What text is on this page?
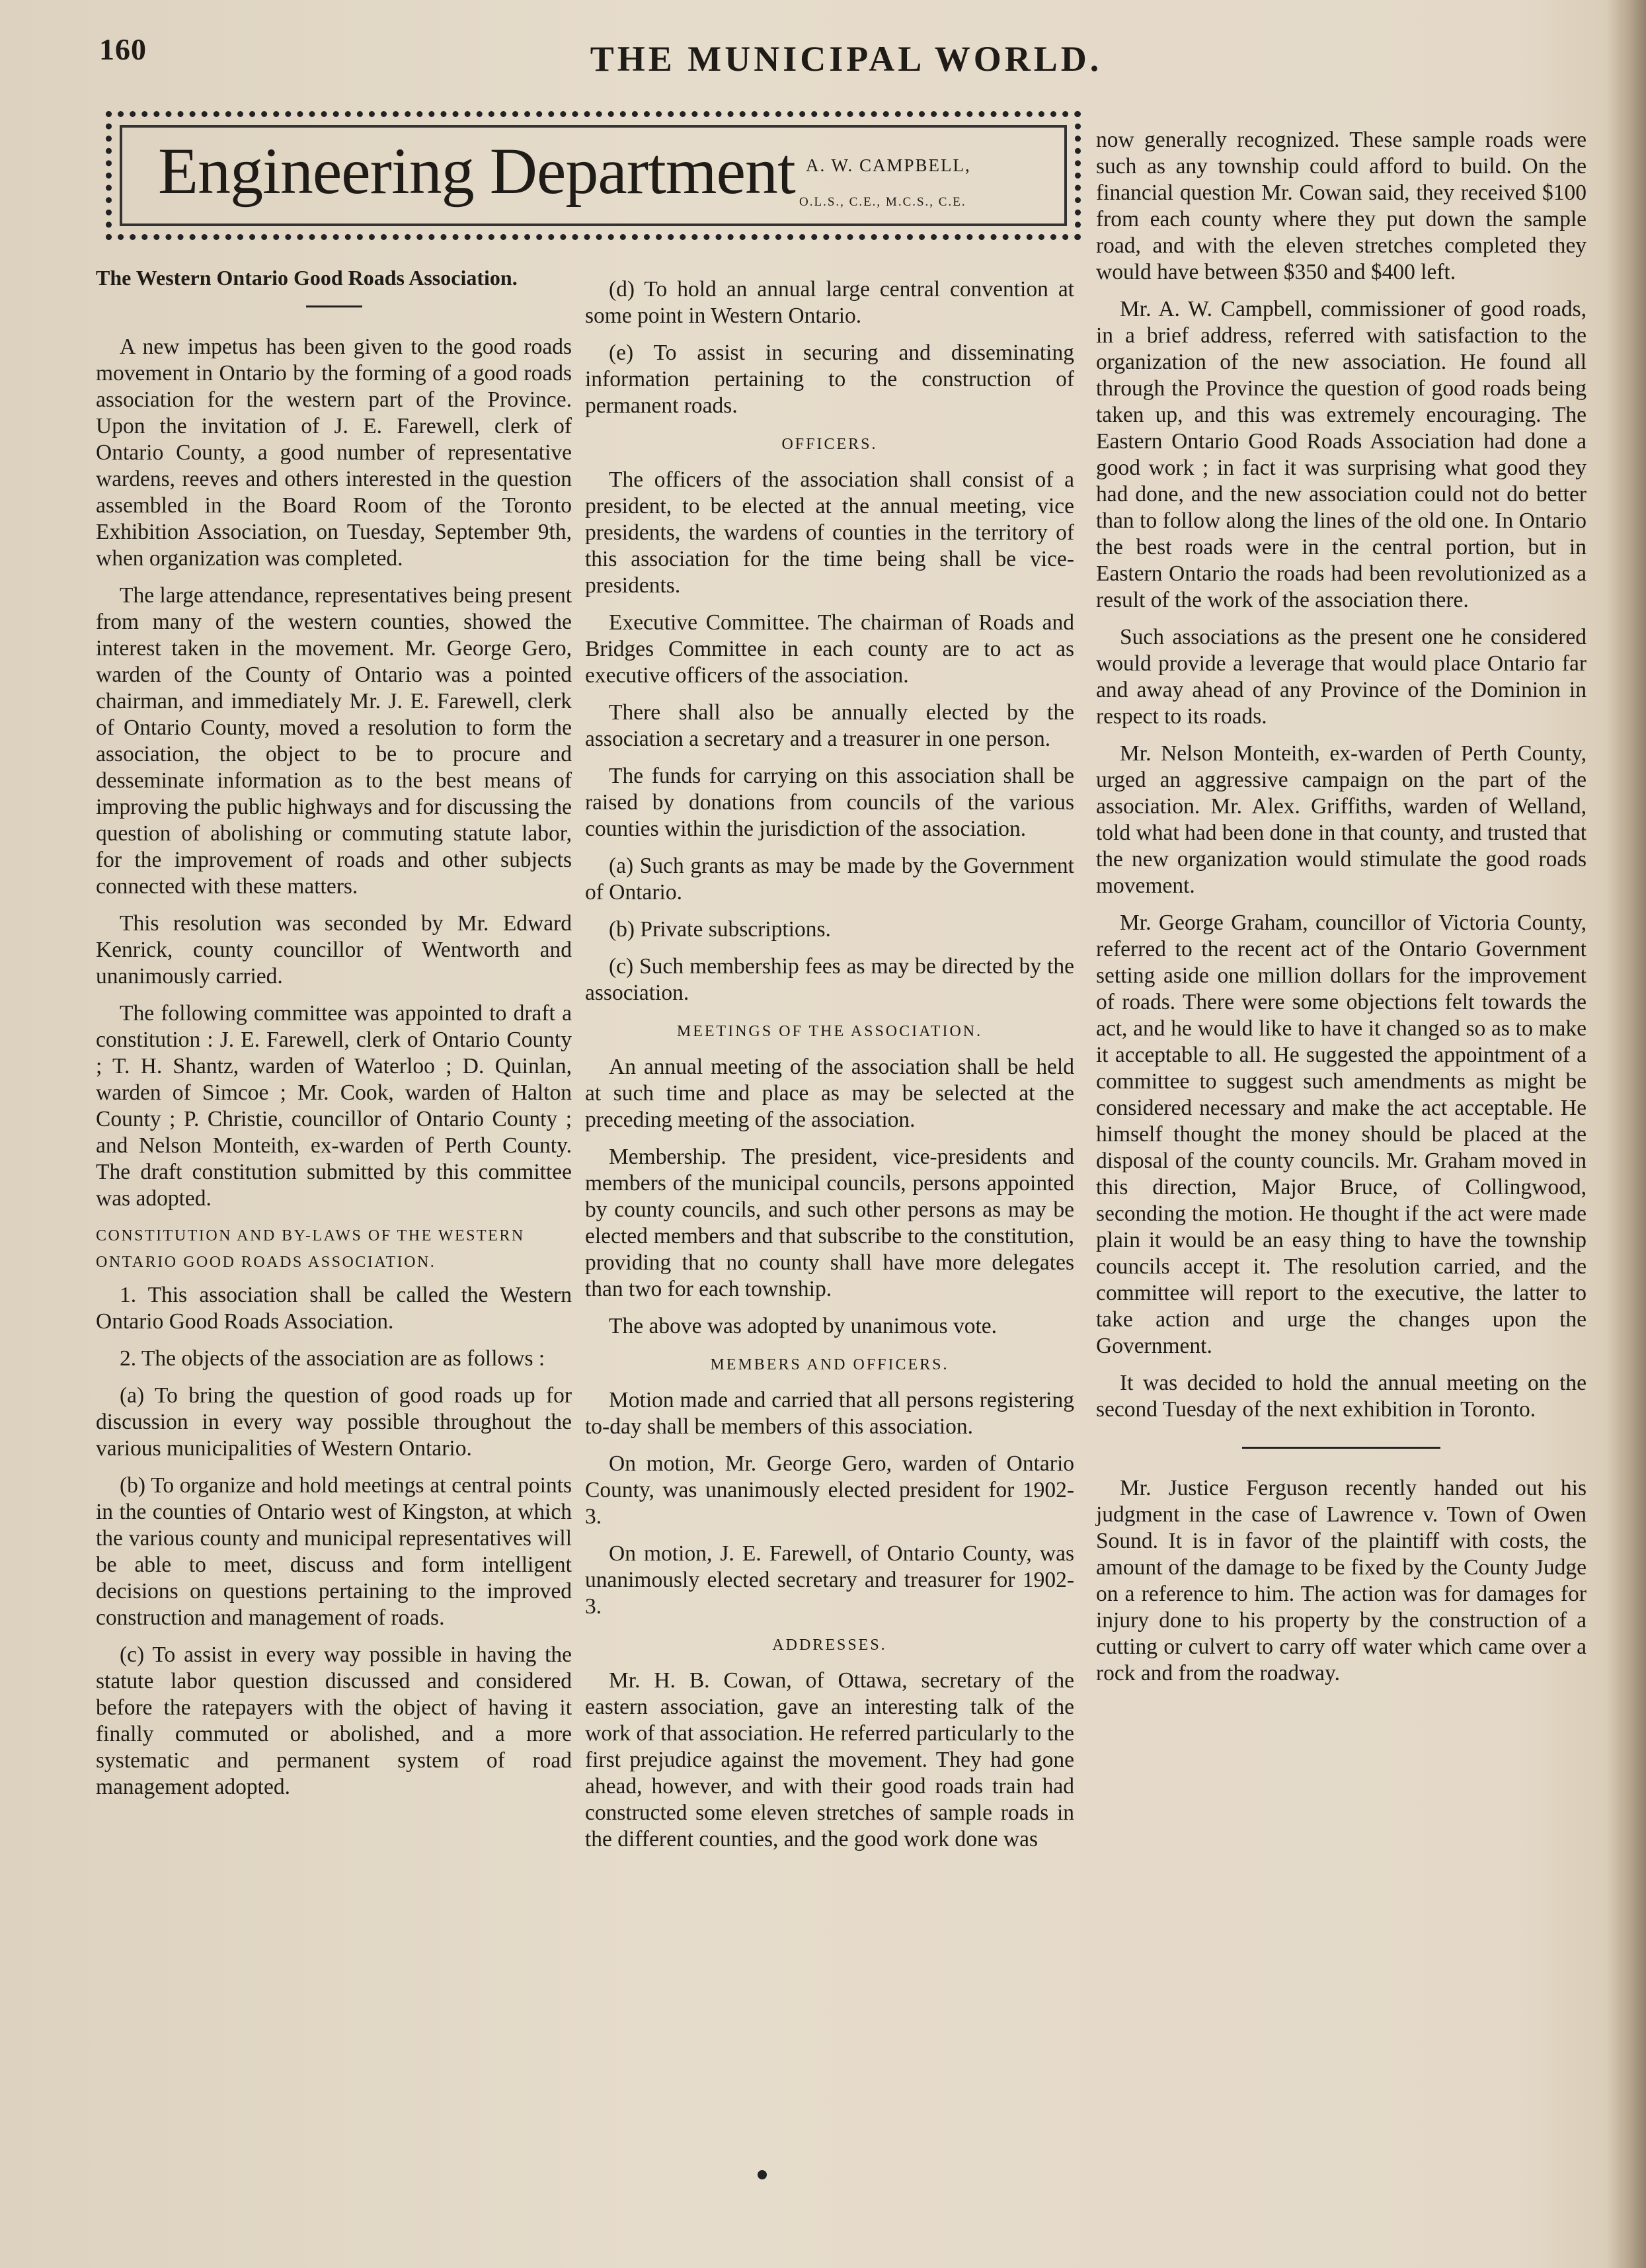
160	THE MUNICIPAL WORLD.
Engineering Department A. W. CAMPBELL,
O.L.S., C.E., M.C.S., C.E.

The Western Ontario Good Roads Association.

A new impetus has been given to the good roads movement in Ontario by the forming of a good roads association for the western part of the Province. Upon the invitation of J. E. Farewell, clerk of Ontario County, a good number of representative wardens, reeves and others interested in the question assembled in the Board Room of the Toronto Exhibition Association, on Tuesday, September 9th, when organization was completed.

The large attendance, representatives being present from many of the western counties, showed the interest taken in the movement. Mr. George Gero, warden of the County of Ontario was a pointed chairman, and immediately Mr. J. E. Farewell, clerk of Ontario County, moved a resolution to form the association, the object to be to procure and desseminate information as to the best means of improving the public highways and for discussing the question of abolishing or commuting statute labor, for the improvement of roads and other subjects connected with these matters.

This resolution was seconded by Mr. Edward Kenrick, county councillor of Wentworth and unanimously carried.

The following committee was appointed to draft a constitution : J. E. Farewell, clerk of Ontario County ; T. H. Shantz, warden of Waterloo ; D. Quinlan, warden of Simcoe ; Mr. Cook, warden of Halton County ; P. Christie, councillor of Ontario County ; and Nelson Monteith, ex-warden of Perth County. The draft constitution submitted by this committee was adopted.

CONSTITUTION AND BY-LAWS OF THE WESTERN ONTARIO GOOD ROADS ASSOCIATION.

1. This association shall be called the Western Ontario Good Roads Association.

2. The objects of the association are as follows :

(a) To bring the question of good roads up for discussion in every way possible throughout the various municipalities of Western Ontario.

(b) To organize and hold meetings at central points in the counties of Ontario west of Kingston, at which the various county and municipal representatives will be able to meet, discuss and form intelligent decisions on questions pertaining to the improved construction and management of roads.

(c) To assist in every way possible in having the statute labor question discussed and considered before the ratepayers with the object of having it finally commuted or abolished, and a more systematic and permanent system of road management adopted.

(d) To hold an annual large central convention at some point in Western Ontario.

(e) To assist in securing and disseminating information pertaining to the construction of permanent roads.

OFFICERS.

The officers of the association shall consist of a president, to be elected at the annual meeting, vice presidents, the wardens of counties in the territory of this association for the time being shall be vice-presidents.

Executive Committee. The chairman of Roads and Bridges Committee in each county are to act as executive officers of the association.

There shall also be annually elected by the association a secretary and a treasurer in one person.

The funds for carrying on this association shall be raised by donations from councils of the various counties within the jurisdiction of the association.

(a) Such grants as may be made by the Government of Ontario.

(b) Private subscriptions.

(c) Such membership fees as may be directed by the association.

MEETINGS OF THE ASSOCIATION.

An annual meeting of the association shall be held at such time and place as may be selected at the preceding meeting of the association.

Membership. The president, vice-presidents and members of the municipal councils, persons appointed by county councils, and such other persons as may be elected members and that subscribe to the constitution, providing that no county shall have more delegates than two for each township.

The above was adopted by unanimous vote.

MEMBERS AND OFFICERS.

Motion made and carried that all persons registering to-day shall be members of this association.

On motion, Mr. George Gero, warden of Ontario County, was unanimously elected president for 1902-3.

On motion, J. E. Farewell, of Ontario County, was unanimously elected secretary and treasurer for 1902-3.

ADDRESSES.

Mr. H. B. Cowan, of Ottawa, secretary of the eastern association, gave an interesting talk of the work of that association. He referred particularly to the first prejudice against the movement. They had gone ahead, however, and with their good roads train had constructed some eleven stretches of sample roads in the different counties, and the good work done was

now generally recognized. These sample roads were such as any township could afford to build. On the financial question Mr. Cowan said, they received $100 from each county where they put down the sample road, and with the eleven stretches completed they would have between $350 and $400 left.

Mr. A. W. Campbell, commissioner of good roads, in a brief address, referred with satisfaction to the organization of the new association. He found all through the Province the question of good roads being taken up, and this was extremely encouraging. The Eastern Ontario Good Roads Association had done a good work ; in fact it was surprising what good they had done, and the new association could not do better than to follow along the lines of the old one. In Ontario the best roads were in the central portion, but in Eastern Ontario the roads had been revolutionized as a result of the work of the association there.

Such associations as the present one he considered would provide a leverage that would place Ontario far and away ahead of any Province of the Dominion in respect to its roads.

Mr. Nelson Monteith, ex-warden of Perth County, urged an aggressive campaign on the part of the association. Mr. Alex. Griffiths, warden of Welland, told what had been done in that county, and trusted that the new organization would stimulate the good roads movement.

Mr. George Graham, councillor of Victoria County, referred to the recent act of the Ontario Government setting aside one million dollars for the improvement of roads. There were some objections felt towards the act, and he would like to have it changed so as to make it acceptable to all. He suggested the appointment of a committee to suggest such amendments as might be considered necessary and make the act acceptable. He himself thought the money should be placed at the disposal of the county councils. Mr. Graham moved in this direction, Major Bruce, of Collingwood, seconding the motion. He thought if the act were made plain it would be an easy thing to have the township councils accept it. The resolution carried, and the committee will report to the executive, the latter to take action and urge the changes upon the Government.

It was decided to hold the annual meeting on the second Tuesday of the next exhibition in Toronto.

Mr. Justice Ferguson recently handed out his judgment in the case of Lawrence v. Town of Owen Sound. It is in favor of the plaintiff with costs, the amount of the damage to be fixed by the County Judge on a reference to him. The action was for damages for injury done to his property by the construction of a cutting or culvert to carry off water which came over a rock and from the roadway.
